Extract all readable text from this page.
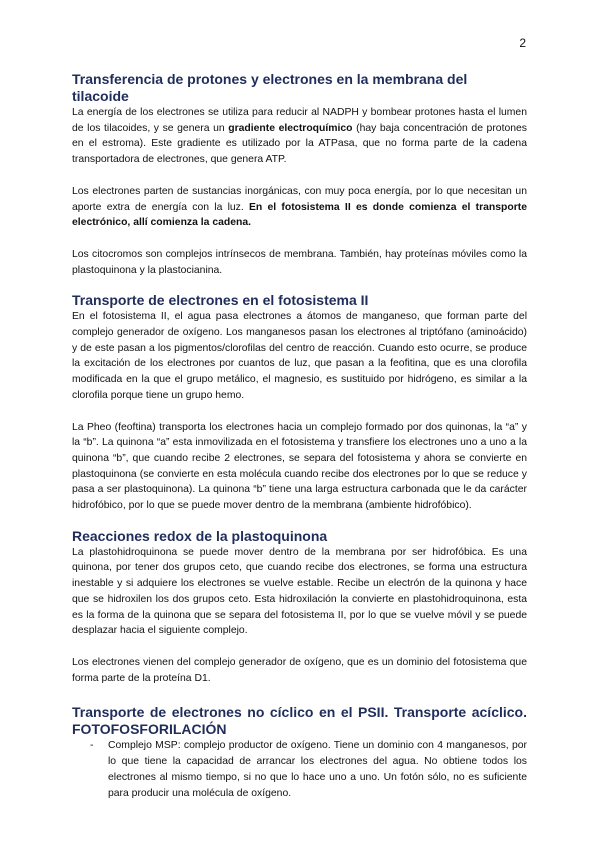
2
Transferencia de protones y electrones en la membrana del tilacoide

La energía de los electrones se utiliza para reducir al NADPH y bombear protones hasta el lumen de los tilacoides, y se genera un gradiente electroquímico (hay baja concentración de protones en el estroma). Este gradiente es utilizado por la ATPasa, que no forma parte de la cadena transportadora de electrones, que genera ATP.

Los electrones parten de sustancias inorgánicas, con muy poca energía, por lo que necesitan un aporte extra de energía con la luz. En el fotosistema II es donde comienza el transporte electrónico, allí comienza la cadena.

Los citocromos son complejos intrínsecos de membrana. También, hay proteínas móviles como la plastoquinona y la plastocianina.

Transporte de electrones en el fotosistema II

En el fotosistema II, el agua pasa electrones a átomos de manganeso, que forman parte del complejo generador de oxígeno. Los manganesos pasan los electrones al triptófano (aminoácido) y de este pasan a los pigmentos/clorofilas del centro de reacción. Cuando esto ocurre, se produce la excitación de los electrones por cuantos de luz, que pasan a la feofitina, que es una clorofila modificada en la que el grupo metálico, el magnesio, es sustituido por hidrógeno, es similar a la clorofila porque tiene un grupo hemo.

La Pheo (feoftina) transporta los electrones hacia un complejo formado por dos quinonas, la “a” y la “b”. La quinona “a” esta inmovilizada en el fotosistema y transfiere los electrones uno a uno a la quinona “b”, que cuando recibe 2 electrones, se separa del fotosistema y ahora se convierte en plastoquinona (se convierte en esta molécula cuando recibe dos electrones por lo que se reduce y pasa a ser plastoquinona). La quinona “b” tiene una larga estructura carbonada que le da carácter hidrofóbico, por lo que se puede mover dentro de la membrana (ambiente hidrofóbico).

Reacciones redox de la plastoquinona

La plastohidroquinona se puede mover dentro de la membrana por ser hidrofóbica. Es una quinona, por tener dos grupos ceto, que cuando recibe dos electrones, se forma una estructura inestable y si adquiere los electrones se vuelve estable. Recibe un electrón de la quinona y hace que se hidroxilen los dos grupos ceto. Esta hidroxilación la convierte en plastohidroquinona, esta es la forma de la quinona que se separa del fotosistema II, por lo que se vuelve móvil y se puede desplazar hacia el siguiente complejo.

Los electrones vienen del complejo generador de oxígeno, que es un dominio del fotosistema que forma parte de la proteína D1.

Transporte de electrones no cíclico en el PSII. Transporte acíclico. FOTOFOSFORILACIÓN
-	Complejo MSP: complejo productor de oxígeno. Tiene un dominio con 4 manganesos, por lo que tiene la capacidad de arrancar los electrones del agua. No obtiene todos los electrones al mismo tiempo, si no que lo hace uno a uno. Un fotón sólo, no es suficiente para producir una molécula de oxígeno.
